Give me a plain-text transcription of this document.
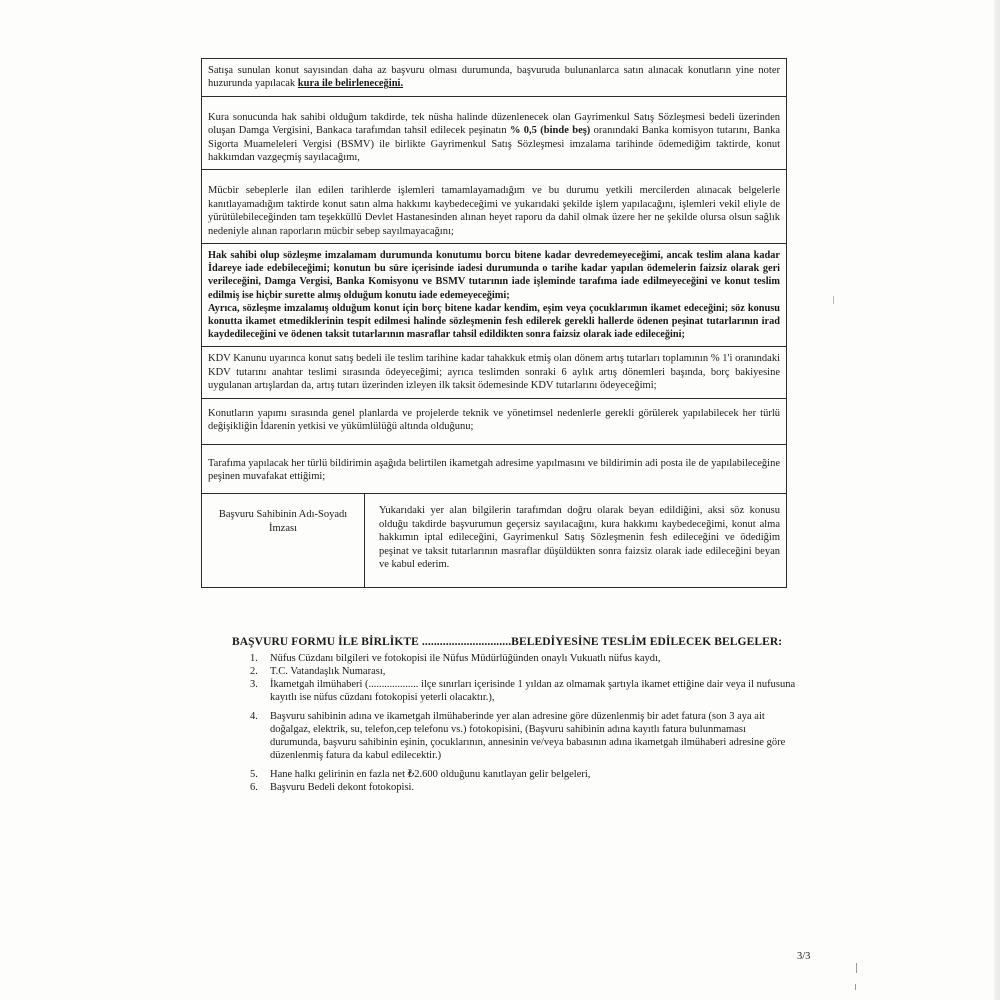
Satışa sunulan konut sayısından daha az başvuru olması durumunda, başvuruda bulunanlarca satın alınacak konutların yine noter huzurunda yapılacak kura ile belirleneceğini.
Kura sonucunda hak sahibi olduğum takdirde, tek nüsha halinde düzenlenecek olan Gayrimenkul Satış Sözleşmesi bedeli üzerinden oluşan Damga Vergisini, Bankaca tarafımdan tahsil edilecek peşinatın % 0,5 (binde beş) oranındaki Banka komisyon tutarını, Banka Sigorta Muameleleri Vergisi (BSMV) ile birlikte Gayrimenkul Satış Sözleşmesi imzalama tarihinde ödemediğim taktirde, konut hakkımdan vazgeçmiş sayılacağımı,
Mücbir sebeplerle ilan edilen tarihlerde işlemleri tamamlayamadığım ve bu durumu yetkili mercilerden alınacak belgelerle kanıtlayamadığım taktirde konut satın alma hakkımı kaybedeceğimi ve yukarıdaki şekilde işlem yapılacağını, işlemleri vekil eliyle de yürütülebileceğinden tam teşekküllü Devlet Hastanesinden alınan heyet raporu da dahil olmak üzere her ne şekilde olursa olsun sağlık nedeniyle alınan raporların mücbir sebep sayılmayacağını;

Hak sahibi olup sözleşme imzalamam durumunda konutumu borcu bitene kadar devredemeyeceğimi, ancak teslim alana kadar İdareye iade edebileceğimi; konutun bu süre içerisinde iadesi durumunda o tarihe kadar yapılan ödemelerin faizsiz olarak geri verileceğini, Damga Vergisi, Banka Komisyonu ve BSMV tutarının iade işleminde tarafıma iade edilmeyeceğini ve konut teslim edilmiş ise hiçbir surette almış olduğum konutu iade edemeyeceğimi;
Ayrıca, sözleşme imzalamış olduğum konut için borç bitene kadar kendim, eşim veya çocuklarımın ikamet edeceğini; söz konusu konutta ikamet etmediklerinin tespit edilmesi halinde sözleşmenin fesh edilerek gerekli hallerde ödenen peşinat tutarlarının irad kaydedileceğini ve ödenen taksit tutarlarının masraflar tahsil edildikten sonra faizsiz olarak iade edileceğini;

KDV Kanunu uyarınca konut satış bedeli ile teslim tarihine kadar tahakkuk etmiş olan dönem artış tutarları toplamının % 1'i oranındaki KDV tutarını anahtar teslimi sırasında ödeyeceğimi; ayrıca teslimden sonraki 6 aylık artış dönemleri başında, borç bakiyesine uygulanan artışlardan da, artış tutarı üzerinden izleyen ilk taksit ödemesinde KDV tutarlarını ödeyeceğimi;
Konutların yapımı sırasında genel planlarda ve projelerde teknik ve yönetimsel nedenlerle gerekli görülerek yapılabilecek her türlü değişikliğin İdarenin yetkisi ve yükümlülüğü altında olduğunu;
Tarafıma yapılacak her türlü bildirimin aşağıda belirtilen ikametgah adresime yapılmasını ve bildirimin adi posta ile de yapılabileceğine peşinen muvafakat ettiğimi;

Başvuru Sahibinin Adı-Soyadı
İmzası
	Yukarıdaki yer alan bilgilerin tarafımdan doğru olarak beyan edildiğini, aksi söz konusu olduğu takdirde başvurumun geçersiz sayılacağını, kura hakkımı kaybedeceğimi, konut alma hakkımın iptal edileceğini, Gayrimenkul Satış Sözleşmenin fesh edileceğini ve ödediğim peşinat ve taksit tutarlarının masraflar düşüldükten sonra faizsiz olarak iade edileceğini beyan ve kabul ederim.
BAŞVURU FORMU İLE BİRLİKTE ..............................BELEDİYESİNE TESLİM EDİLECEK BELGELER:
1. Nüfus Cüzdanı bilgileri ve fotokopisi ile Nüfus Müdürlüğünden onaylı Vukuatlı nüfus kaydı,
2. T.C. Vatandaşlık Numarası,
3. İkametgah ilmühaberi (................... ilçe sınırları içerisinde 1 yıldan az olmamak şartıyla ikamet ettiğine dair veya il nufusuna kayıtlı ise nüfus cüzdanı fotokopisi yeterli olacaktır.),
4. Başvuru sahibinin adına ve ikametgah ilmühaberinde yer alan adresine göre düzenlenmiş bir adet fatura (son 3 aya ait doğalgaz, elektrik, su, telefon,cep telefonu vs.) fotokopisini, (Başvuru sahibinin adına kayıtlı fatura bulunmaması durumunda, başvuru sahibinin eşinin, çocuklarının, annesinin ve/veya babasının adına ikametgah ilmühaberi adresine göre düzenlenmiş fatura da kabul edilecektir.)
5. Hane halkı gelirinin en fazla net ₺2.600 olduğunu kanıtlayan gelir belgeleri,
6. Başvuru Bedeli dekont fotokopisi.
3/3
